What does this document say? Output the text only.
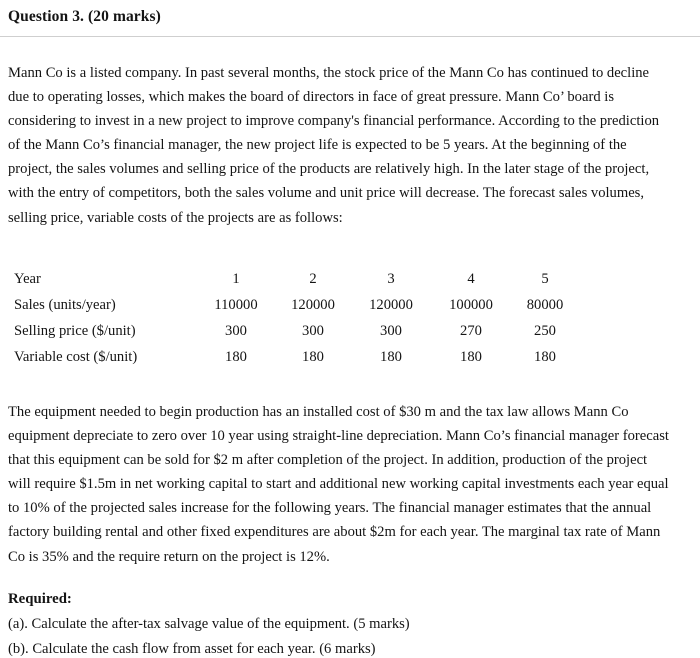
Question 3. (20 marks)
Mann Co is a listed company. In past several months, the stock price of the Mann Co has continued to decline
due to operating losses, which makes the board of directors in face of great pressure. Mann Co’ board is
considering to invest in a new project to improve company's financial performance. According to the prediction
of the Mann Co’s financial manager, the new project life is expected to be 5 years. At the beginning of the
project, the sales volumes and selling price of the products are relatively high. In the later stage of the project,
with the entry of competitors, both the sales volume and unit price will decrease. The forecast sales volumes,
selling price, variable costs of the projects are as follows:
Year	1	2	3	4	5
Sales (units/year)	110000	120000	120000	100000	80000
Selling price ($/unit)	300	300	300	270	250
Variable cost ($/unit)	180	180	180	180	180
The equipment needed to begin production has an installed cost of $30 m and the tax law allows Mann Co
equipment depreciate to zero over 10 year using straight-line depreciation. Mann Co’s financial manager forecast
that this equipment can be sold for $2 m after completion of the project. In addition, production of the project
will require $1.5m in net working capital to start and additional new working capital investments each year equal
to 10% of the projected sales increase for the following years. The financial manager estimates that the annual
factory building rental and other fixed expenditures are about $2m for each year. The marginal tax rate of Mann
Co is 35% and the require return on the project is 12%.
Required:
(a). Calculate the after-tax salvage value of the equipment. (5 marks)
(b). Calculate the cash flow from asset for each year. (6 marks)
